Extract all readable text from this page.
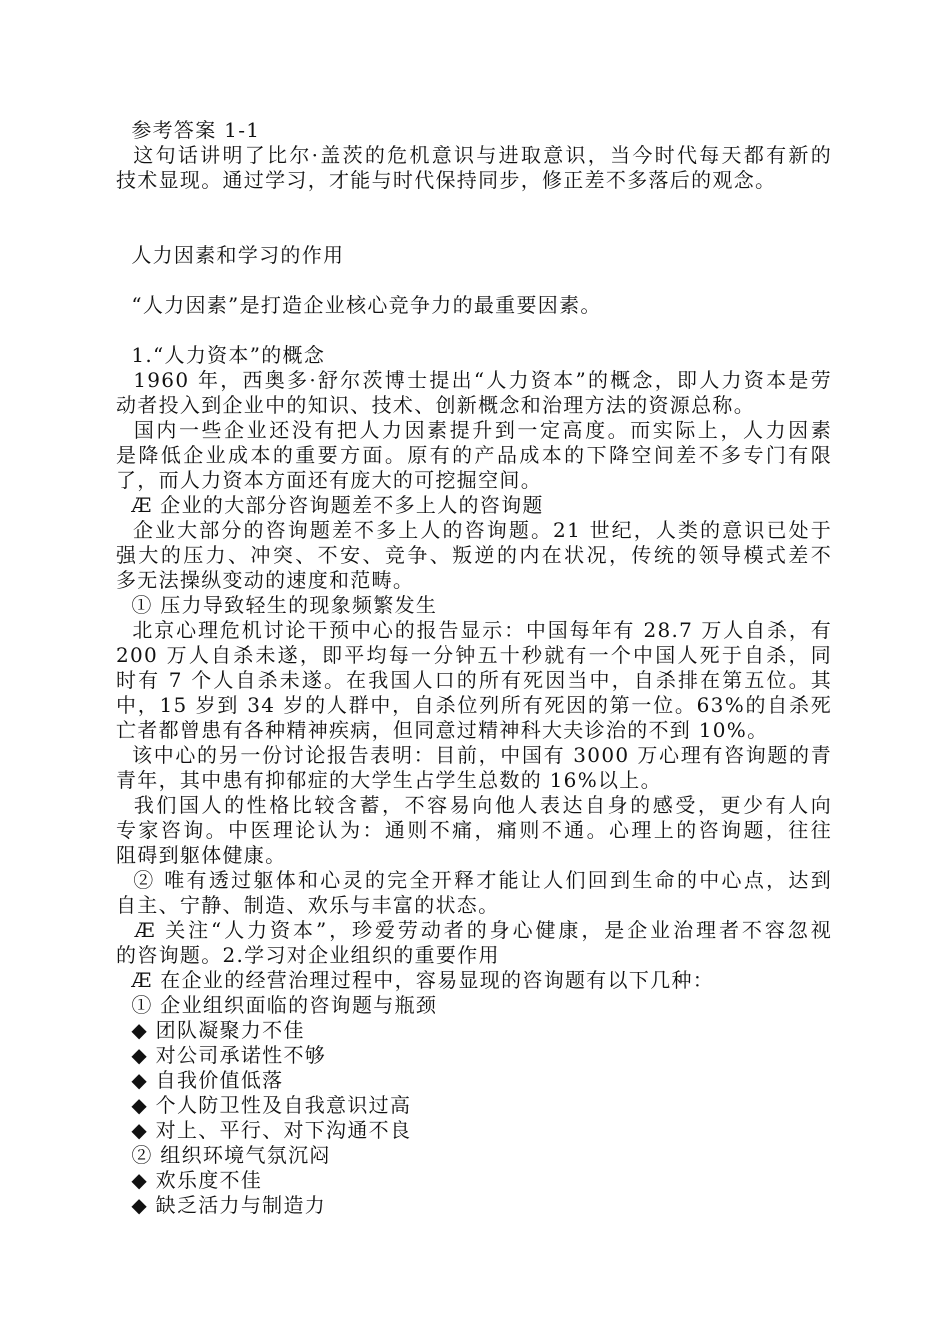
参考答案 1-1
这句话讲明了比尔·盖茨的危机意识与进取意识，当今时代每天都有新的
技术显现。通过学习，才能与时代保持同步，修正差不多落后的观念。
人力因素和学习的作用
“人力因素”是打造企业核心竞争力的最重要因素。
1.“人力资本”的概念
1960 年，西奥多·舒尔茨博士提出“人力资本”的概念，即人力资本是劳
动者投入到企业中的知识、技术、创新概念和治理方法的资源总称。
国内一些企业还没有把人力因素提升到一定高度。而实际上，人力因素
是降低企业成本的重要方面。原有的产品成本的下降空间差不多专门有限
了，而人力资本方面还有庞大的可挖掘空间。
Æ 企业的大部分咨询题差不多上人的咨询题
企业大部分的咨询题差不多上人的咨询题。21 世纪，人类的意识已处于
强大的压力、冲突、不安、竞争、叛逆的内在状况，传统的领导模式差不
多无法操纵变动的速度和范畴。
① 压力导致轻生的现象频繁发生
北京心理危机讨论干预中心的报告显示：中国每年有 28.7 万人自杀，有
200 万人自杀未遂，即平均每一分钟五十秒就有一个中国人死于自杀，同
时有 7 个人自杀未遂。在我国人口的所有死因当中，自杀排在第五位。其
中，15 岁到 34 岁的人群中，自杀位列所有死因的第一位。63%的自杀死
亡者都曾患有各种精神疾病，但同意过精神科大夫诊治的不到 10%。
该中心的另一份讨论报告表明：目前，中国有 3000 万心理有咨询题的青
青年，其中患有抑郁症的大学生占学生总数的 16%以上。
我们国人的性格比较含蓄，不容易向他人表达自身的感受，更少有人向
专家咨询。中医理论认为：通则不痛，痛则不通。心理上的咨询题，往往
阻碍到躯体健康。
② 唯有透过躯体和心灵的完全开释才能让人们回到生命的中心点，达到
自主、宁静、制造、欢乐与丰富的状态。
Æ 关注“人力资本”，珍爱劳动者的身心健康，是企业治理者不容忽视
的咨询题。2.学习对企业组织的重要作用
Æ 在企业的经营治理过程中，容易显现的咨询题有以下几种：
① 企业组织面临的咨询题与瓶颈
◆ 团队凝聚力不佳
◆ 对公司承诺性不够
◆ 自我价值低落
◆ 个人防卫性及自我意识过高
◆ 对上、平行、对下沟通不良
② 组织环境气氛沉闷
◆ 欢乐度不佳
◆ 缺乏活力与制造力
